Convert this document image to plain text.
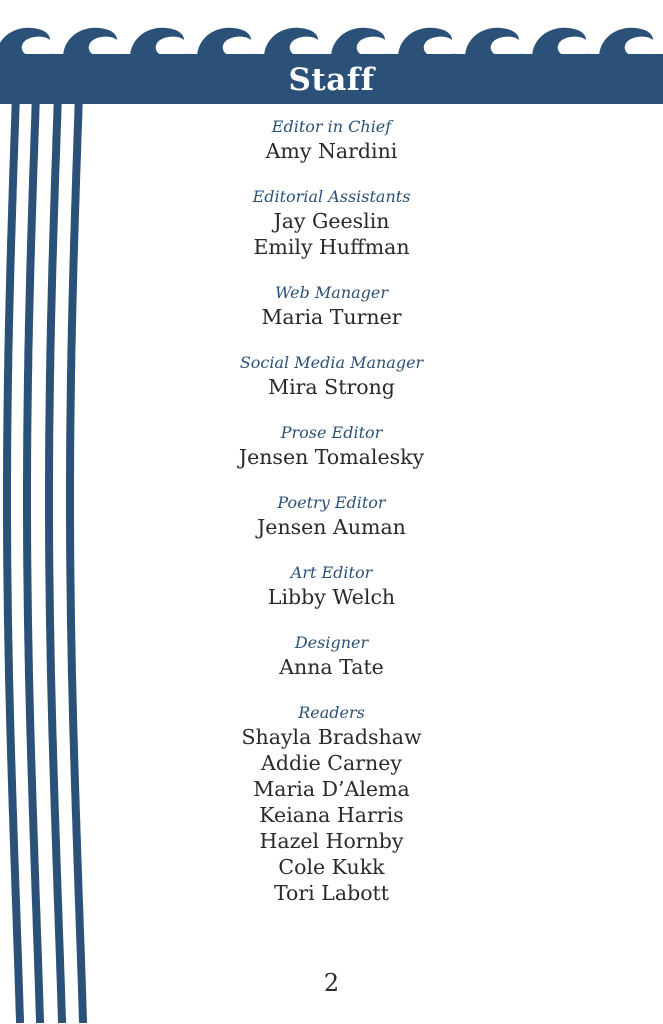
Staff
Editor in Chief
Amy Nardini
Editorial Assistants
Jay Geeslin
Emily Huffman
Web Manager
Maria Turner
Social Media Manager
Mira Strong
Prose Editor
Jensen Tomalesky
Poetry Editor
Jensen Auman
Art Editor
Libby Welch
Designer
Anna Tate
Readers
Shayla Bradshaw
Addie Carney
Maria D’Alema
Keiana Harris
Hazel Hornby
Cole Kukk
Tori Labott
2
